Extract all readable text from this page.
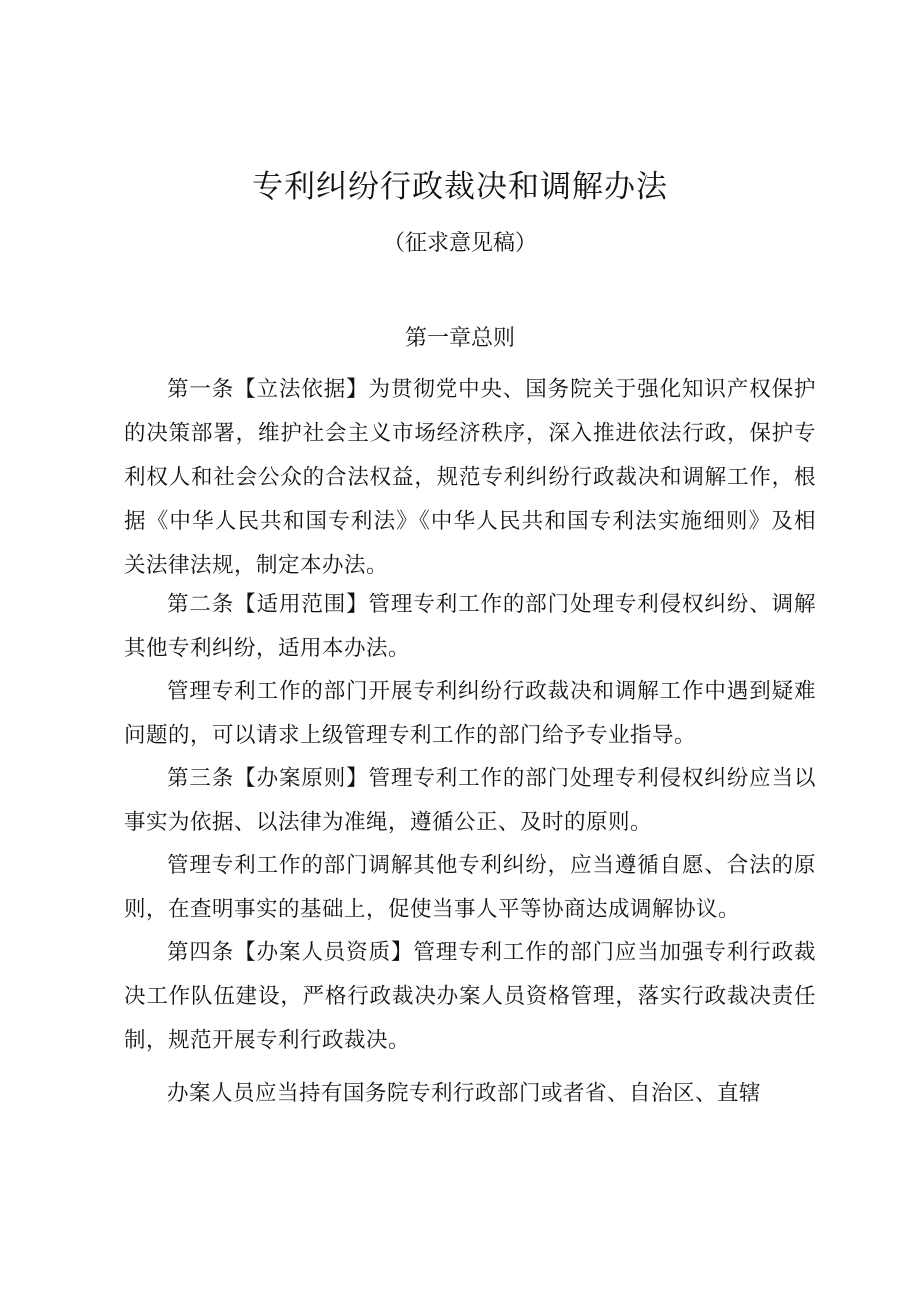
专利纠纷行政裁决和调解办法
（征求意见稿）
第一章总则

第一条【立法依据】为贯彻党中央、国务院关于强化知识产权保护的决策部署，维护社会主义市场经济秩序，深入推进依法行政，保护专利权人和社会公众的合法权益，规范专利纠纷行政裁决和调解工作，根据《中华人民共和国专利法》《中华人民共和国专利法实施细则》及相关法律法规，制定本办法。

第二条【适用范围】管理专利工作的部门处理专利侵权纠纷、调解其他专利纠纷，适用本办法。

管理专利工作的部门开展专利纠纷行政裁决和调解工作中遇到疑难问题的，可以请求上级管理专利工作的部门给予专业指导。

第三条【办案原则】管理专利工作的部门处理专利侵权纠纷应当以事实为依据、以法律为准绳，遵循公正、及时的原则。

管理专利工作的部门调解其他专利纠纷，应当遵循自愿、合法的原则，在查明事实的基础上，促使当事人平等协商达成调解协议。

第四条【办案人员资质】管理专利工作的部门应当加强专利行政裁决工作队伍建设，严格行政裁决办案人员资格管理，落实行政裁决责任制，规范开展专利行政裁决。

办案人员应当持有国务院专利行政部门或者省、自治区、直辖
